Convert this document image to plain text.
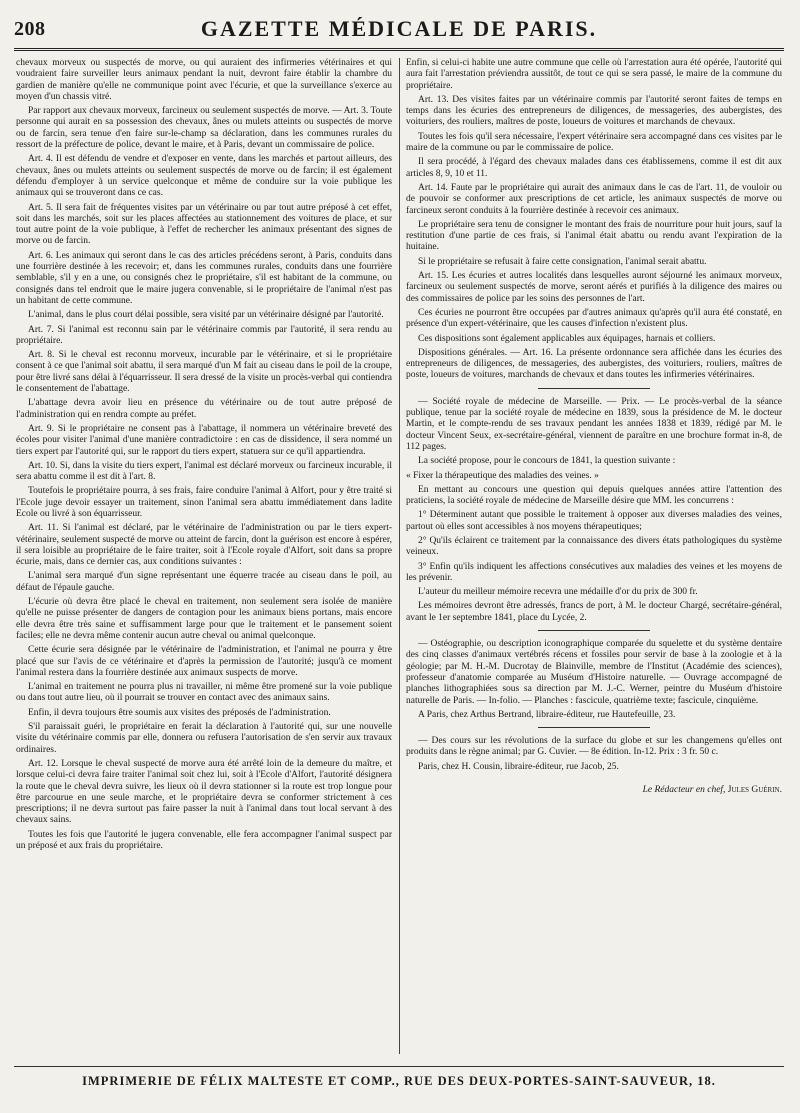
208	GAZETTE MÉDICALE DE PARIS.

chevaux morveux ou suspectés de morve, ou qui auraient des infirmeries vétérinaires et qui voudraient faire surveiller leurs animaux pendant la nuit, devront faire établir la chambre du gardien de manière qu'elle ne communique point avec l'écurie, et que la surveillance s'exerce au moyen d'un chassis vitré.

Par rapport aux chevaux morveux, farcineux ou seulement suspectés de morve. — Art. 3. Toute personne qui aurait en sa possession des chevaux, ânes ou mulets atteints ou suspectés de morve ou de farcin, sera tenue d'en faire sur-le-champ sa déclaration, dans les communes rurales du ressort de la préfecture de police, devant le maire, et à Paris, devant un commissaire de police.

Art. 4. Il est défendu de vendre et d'exposer en vente, dans les marchés et partout ailleurs, des chevaux, ânes ou mulets atteints ou seulement suspectés de morve ou de farcin; il est également défendu d'employer à un service quelconque et même de conduire sur la voie publique les animaux qui se trouveront dans ce cas.

Art. 5. Il sera fait de fréquentes visites par un vétérinaire ou par tout autre préposé à cet effet, soit dans les marchés, soit sur les places affectées au stationnement des voitures de place, et sur tout autre point de la voie publique, à l'effet de rechercher les animaux présentant des signes de morve ou de farcin.

Art. 6. Les animaux qui seront dans le cas des articles précédens seront, à Paris, conduits dans une fourrière destinée à les recevoir; et, dans les communes rurales, conduits dans une fourrière semblable, s'il y en a une, ou consignés chez le propriétaire, s'il est habitant de la commune, ou consignés dans tel endroit que le maire jugera convenable, si le propriétaire de l'animal n'est pas un habitant de cette commune.

L'animal, dans le plus court délai possible, sera visité par un vétérinaire désigné par l'autorité.

Art. 7. Si l'animal est reconnu sain par le vétérinaire commis par l'autorité, il sera rendu au propriétaire.

Art. 8. Si le cheval est reconnu morveux, incurable par le vétérinaire, et si le propriétaire consent à ce que l'animal soit abattu, il sera marqué d'un M fait au ciseau dans le poil de la croupe, pour être livré sans délai à l'équarrisseur. Il sera dressé de la visite un procès-verbal qui contiendra le consentement de l'abattage.

L'abattage devra avoir lieu en présence du vétérinaire ou de tout autre préposé de l'administration qui en rendra compte au préfet.

Art. 9. Si le propriétaire ne consent pas à l'abattage, il nommera un vétérinaire breveté des écoles pour visiter l'animal d'une manière contradictoire : en cas de dissidence, il sera nommé un tiers expert par l'autorité qui, sur le rapport du tiers expert, statuera sur ce qu'il appartiendra.

Art. 10. Si, dans la visite du tiers expert, l'animal est déclaré morveux ou farcineux incurable, il sera abattu comme il est dit à l'art. 8.

Toutefois le propriétaire pourra, à ses frais, faire conduire l'animal à Alfort, pour y être traité si l'Ecole juge devoir essayer un traitement, sinon l'animal sera abattu immédiatement dans ladite Ecole ou livré à son équarrisseur.

Art. 11. Si l'animal est déclaré, par le vétérinaire de l'administration ou par le tiers expert-vétérinaire, seulement suspecté de morve ou atteint de farcin, dont la guérison est encore à espérer, il sera loisible au propriétaire de le faire traiter, soit à l'Ecole royale d'Alfort, soit dans sa propre écurie, mais, dans ce dernier cas, aux conditions suivantes :

L'animal sera marqué d'un signe représentant une équerre tracée au ciseau dans le poil, au défaut de l'épaule gauche.

L'écurie où devra être placé le cheval en traitement, non seulement sera isolée de manière qu'elle ne puisse présenter de dangers de contagion pour les animaux biens portans, mais encore elle devra être très saine et suffisamment large pour que le traitement et le pansement soient faciles; elle ne devra même contenir aucun autre cheval ou animal quelconque.

Cette écurie sera désignée par le vétérinaire de l'administration, et l'animal ne pourra y être placé que sur l'avis de ce vétérinaire et d'après la permission de l'autorité; jusqu'à ce moment l'animal restera dans la fourrière destinée aux animaux suspects de morve.

L'animal en traitement ne pourra plus ni travailler, ni même être promené sur la voie publique ou dans tout autre lieu, où il pourrait se trouver en contact avec des animaux sains.

Enfin, il devra toujours être soumis aux visites des préposés de l'administration.

S'il paraissait guéri, le propriétaire en ferait la déclaration à l'autorité qui, sur une nouvelle visite du vétérinaire commis par elle, donnera ou refusera l'autorisation de s'en servir aux travaux ordinaires.

Art. 12. Lorsque le cheval suspecté de morve aura été arrêté loin de la demeure du maître, et lorsque celui-ci devra faire traiter l'animal soit chez lui, soit à l'Ecole d'Alfort, l'autorité désignera la route que le cheval devra suivre, les lieux où il devra stationner si la route est trop longue pour être parcourue en une seule marche, et le propriétaire devra se conformer strictement à ces prescriptions; il ne devra surtout pas faire passer la nuit à l'animal dans tout local servant à des chevaux sains.

Toutes les fois que l'autorité le jugera convenable, elle fera accompagner l'animal suspect par un préposé et aux frais du propriétaire.

Enfin, si celui-ci habite une autre commune que celle où l'arrestation aura été opérée, l'autorité qui aura fait l'arrestation préviendra aussitôt, de tout ce qui se sera passé, le maire de la commune du propriétaire.

Art. 13. Des visites faites par un vétérinaire commis par l'autorité seront faites de temps en temps dans les écuries des entrepreneurs de diligences, de messageries, des aubergistes, des voituriers, des rouliers, maîtres de poste, loueurs de voitures et marchands de chevaux.

Toutes les fois qu'il sera nécessaire, l'expert vétérinaire sera accompagné dans ces visites par le maire de la commune ou par le commissaire de police.

Il sera procédé, à l'égard des chevaux malades dans ces établissemens, comme il est dit aux articles 8, 9, 10 et 11.

Art. 14. Faute par le propriétaire qui aurait des animaux dans le cas de l'art. 11, de vouloir ou de pouvoir se conformer aux prescriptions de cet article, les animaux suspectés de morve ou farcineux seront conduits à la fourrière destinée à recevoir ces animaux.

Le propriétaire sera tenu de consigner le montant des frais de nourriture pour huit jours, sauf la restitution d'une partie de ces frais, si l'animal était abattu ou rendu avant l'expiration de la huitaine.

Si le propriétaire se refusait à faire cette consignation, l'animal serait abattu.

Art. 15. Les écuries et autres localités dans lesquelles auront séjourné les animaux morveux, farcineux ou seulement suspectés de morve, seront aérés et purifiés à la diligence des maires ou des commissaires de police par les soins des personnes de l'art.

Ces écuries ne pourront être occupées par d'autres animaux qu'après qu'il aura été constaté, en présence d'un expert-vétérinaire, que les causes d'infection n'existent plus.

Ces dispositions sont également applicables aux équipages, harnais et colliers.

Dispositions générales. — Art. 16. La présente ordonnance sera affichée dans les écuries des entrepreneurs de diligences, de messageries, des aubergistes, des voituriers, rouliers, maîtres de poste, loueurs de voitures, marchands de chevaux et dans toutes les infirmeries vétérinaires.

— Société royale de médecine de Marseille. — Prix. — Le procès-verbal de la séance publique, tenue par la société royale de médecine en 1839, sous la présidence de M. le docteur Martin, et le compte-rendu de ses travaux pendant les années 1838 et 1839, rédigé par M. le docteur Vincent Seux, ex-secrétaire-général, viennent de paraître en une brochure format in-8, de 112 pages.

La société propose, pour le concours de 1841, la question suivante :

« Fixer la thérapeutique des maladies des veines. »

En mettant au concours une question qui depuis quelques années attire l'attention des praticiens, la société royale de médecine de Marseille désire que MM. les concurrens :

1° Déterminent autant que possible le traitement à opposer aux diverses maladies des veines, partout où elles sont accessibles à nos moyens thérapeutiques;

2° Qu'ils éclairent ce traitement par la connaissance des divers états pathologiques du système veineux.

3° Enfin qu'ils indiquent les affections consécutives aux maladies des veines et les moyens de les prévenir.

L'auteur du meilleur mémoire recevra une médaille d'or du prix de 300 fr.

Les mémoires devront être adressés, francs de port, à M. le docteur Chargé, secrétaire-général, avant le 1er septembre 1841, place du Lycée, 2.

— Ostéographie, ou description iconographique comparée du squelette et du système dentaire des cinq classes d'animaux vertébrés récens et fossiles pour servir de base à la zoologie et à la géologie; par M. H.-M. Ducrotay de Blainville, membre de l'Institut (Académie des sciences), professeur d'anatomie comparée au Muséum d'Histoire naturelle. — Ouvrage accompagné de planches lithographiées sous sa direction par M. J.-C. Werner, peintre du Muséum d'histoire naturelle de Paris. — In-folio. — Planches : fascicule, quatrième texte; fascicule, cinquième.

A Paris, chez Arthus Bertrand, libraire-éditeur, rue Hautefeuille, 23.

— Des cours sur les révolutions de la surface du globe et sur les changemens qu'elles ont produits dans le règne animal; par G. Cuvier. — 8e édition. In-12. Prix : 3 fr. 50 c.

Paris, chez H. Cousin, libraire-éditeur, rue Jacob, 25.

Le Rédacteur en chef, Jules Guérin.

IMPRIMERIE DE FÉLIX MALTESTE ET COMP., RUE DES DEUX-PORTES-SAINT-SAUVEUR, 18.
